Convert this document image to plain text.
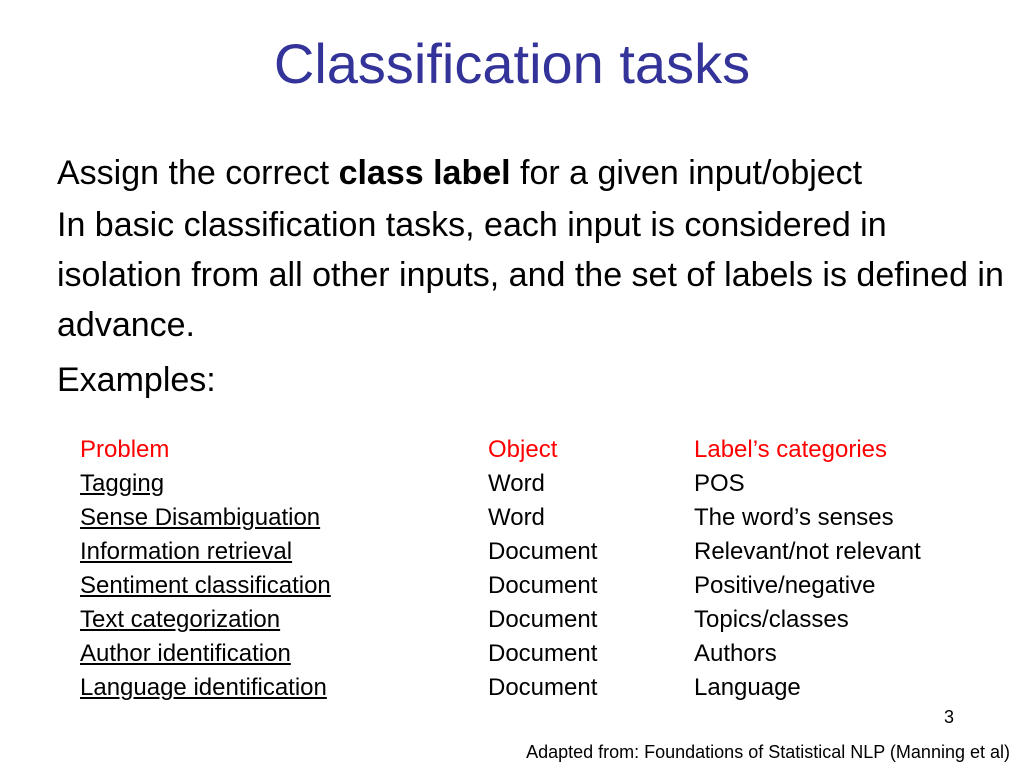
Classification tasks
Assign the correct class label for a given input/object
In basic classification tasks, each input is considered in isolation from all other inputs, and the set of labels is defined in advance.
Examples:
Problem	Object	Label’s categories
Tagging	Word	POS
Sense Disambiguation	Word	The word’s senses
Information retrieval	Document	Relevant/not relevant
Sentiment classification	Document	Positive/negative
Text categorization	Document	Topics/classes
Author identification	Document	Authors
Language identification	Document	Language
3
Adapted from: Foundations of Statistical NLP (Manning et al)
